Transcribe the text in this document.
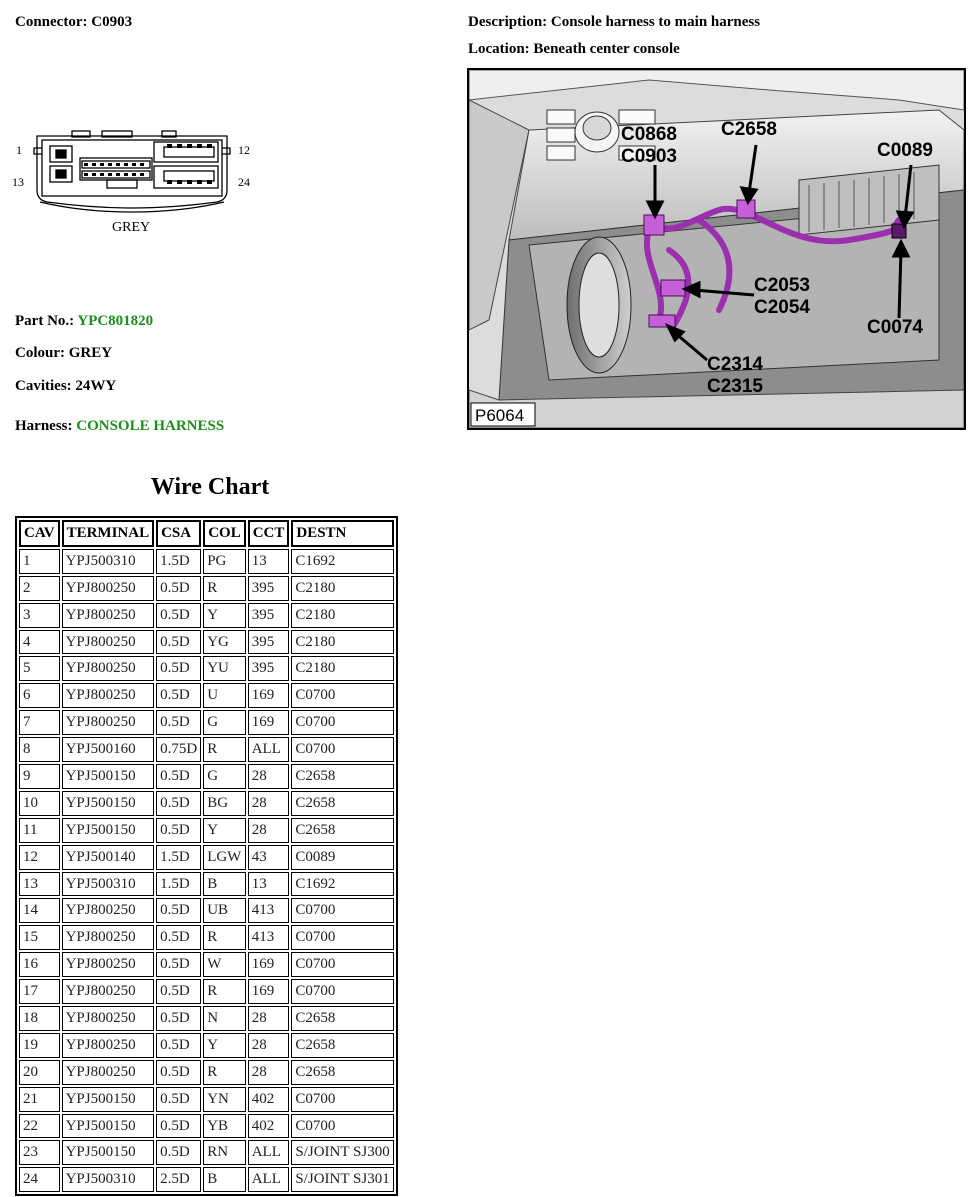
Connector: C0903	Description: Console harness to main harness
Location: Beneath center console
1	12
13	24
GREY
Part No.: YPC801820
Colour: GREY
Cavities: 24WY
Harness: CONSOLE HARNESS
C0868
C0903
C2658
C0089
C2053
C2054
C0074
C2314
C2315
P6064
Wire Chart
CAV	TERMINAL	CSA	COL	CCT	DESTN
1	YPJ500310	1.5D	PG	13	C1692
2	YPJ800250	0.5D	R	395	C2180
3	YPJ800250	0.5D	Y	395	C2180
4	YPJ800250	0.5D	YG	395	C2180
5	YPJ800250	0.5D	YU	395	C2180
6	YPJ800250	0.5D	U	169	C0700
7	YPJ800250	0.5D	G	169	C0700
8	YPJ500160	0.75D	R	ALL	C0700
9	YPJ500150	0.5D	G	28	C2658
10	YPJ500150	0.5D	BG	28	C2658
11	YPJ500150	0.5D	Y	28	C2658
12	YPJ500140	1.5D	LGW	43	C0089
13	YPJ500310	1.5D	B	13	C1692
14	YPJ800250	0.5D	UB	413	C0700
15	YPJ800250	0.5D	R	413	C0700
16	YPJ800250	0.5D	W	169	C0700
17	YPJ800250	0.5D	R	169	C0700
18	YPJ800250	0.5D	N	28	C2658
19	YPJ800250	0.5D	Y	28	C2658
20	YPJ800250	0.5D	R	28	C2658
21	YPJ500150	0.5D	YN	402	C0700
22	YPJ500150	0.5D	YB	402	C0700
23	YPJ500150	0.5D	RN	ALL	S/JOINT SJ300
24	YPJ500310	2.5D	B	ALL	S/JOINT SJ301
